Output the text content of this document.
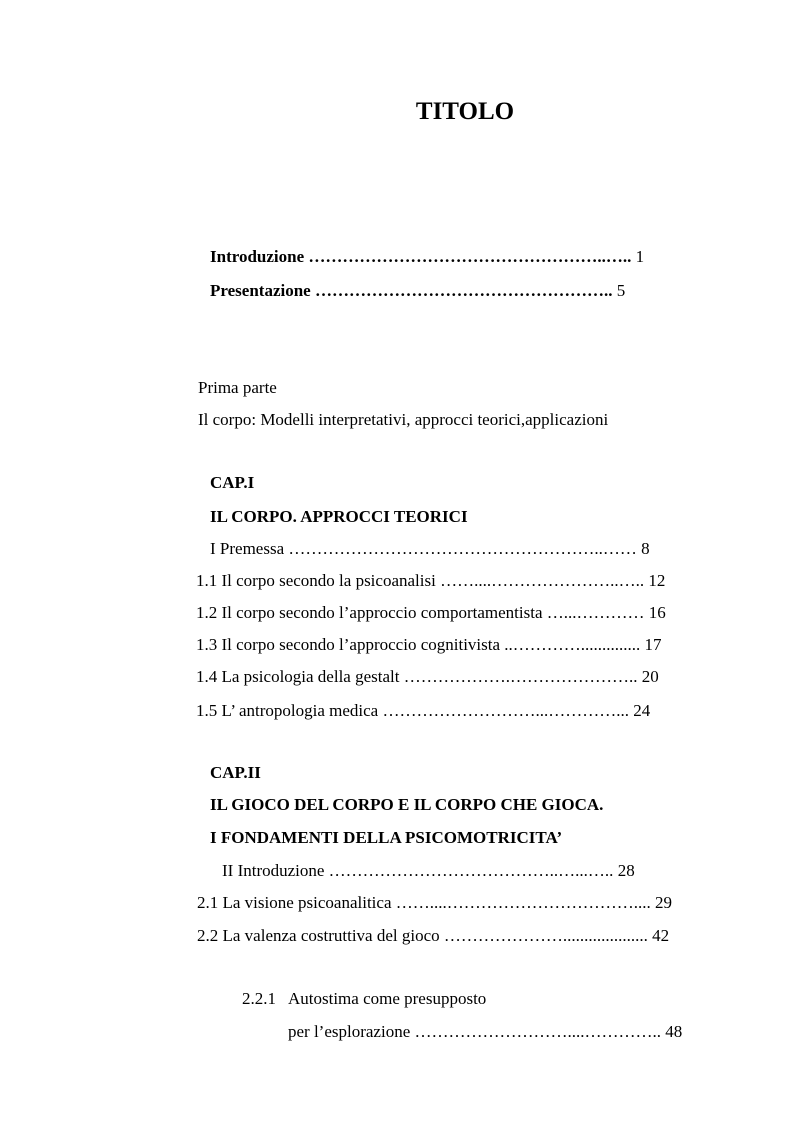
TITOLO
Introduzione ……………………………………………..….. 1
Presentazione …………………………………………….. 5
Prima parte
Il corpo: Modelli interpretativi, approcci teorici,applicazioni
CAP.I
IL CORPO. APPROCCI TEORICI
I Premessa ………………………………………………..…… 8
1.1 Il corpo secondo la psicoanalisi ……....…………………..….. 12
1.2 Il corpo secondo l’approccio comportamentista …...………… 16
1.3 Il corpo secondo l’approccio cognitivista ..………….............. 17
1.4 La psicologia della gestalt ……………….………………….. 20
1.5 L’ antropologia medica ………………………...…………... 24
CAP.II
IL GIOCO DEL CORPO E IL CORPO CHE GIOCA.
I FONDAMENTI DELLA PSICOMOTRICITA’
II Introduzione …………………………………..…...….. 28
2.1 La visione psicoanalitica ……....…………………………….... 29
2.2 La valenza costruttiva del gioco ………………….................... 42
2.2.1 Autostima come presupposto
per l’esplorazione ………………………....………….. 48
